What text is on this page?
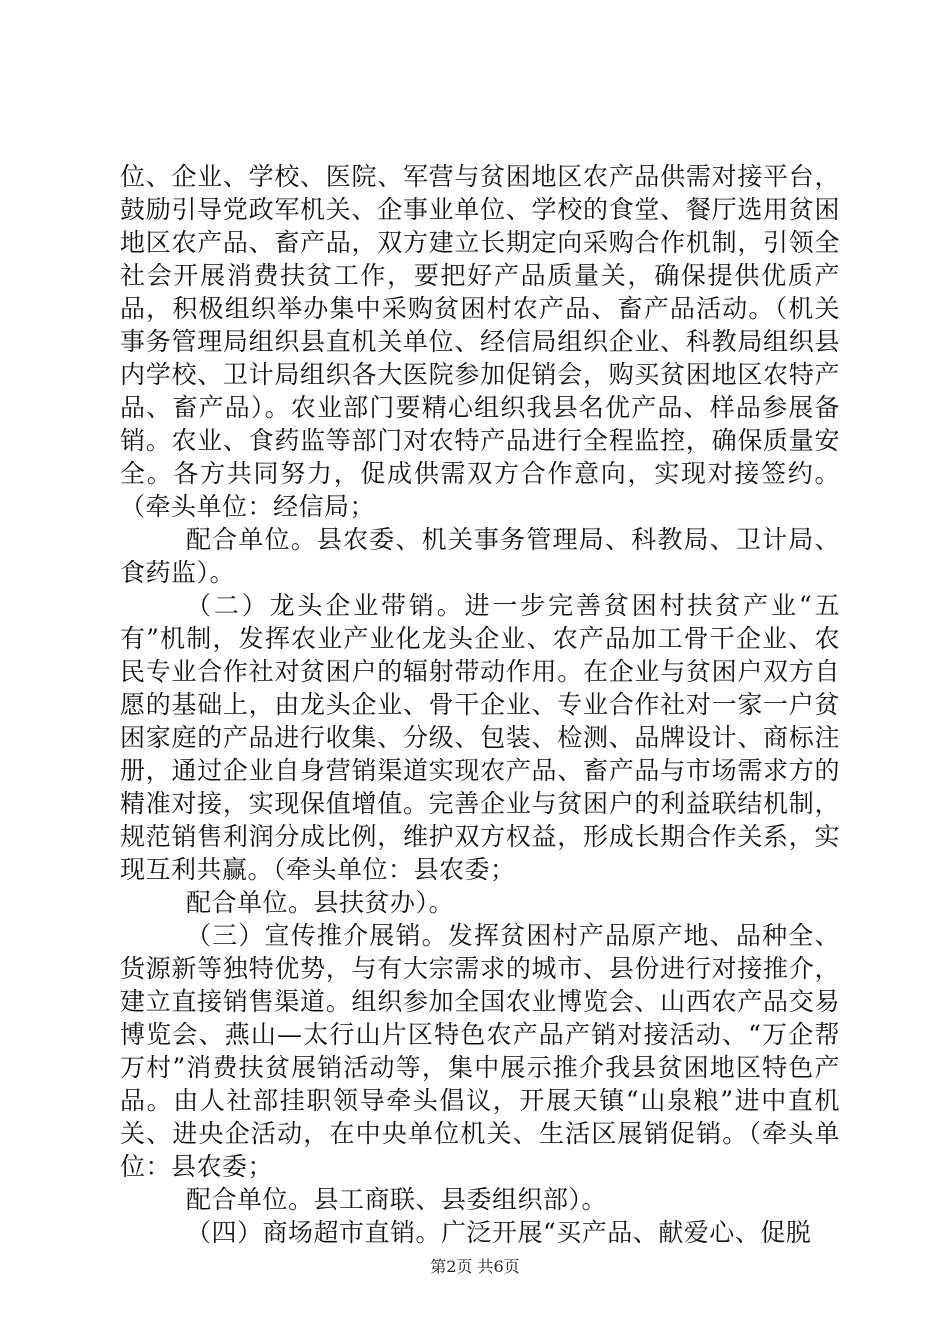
位、企业、学校、医院、军营与贫困地区农产品供需对接平台，鼓励引导党政军机关、企事业单位、学校的食堂、餐厅选用贫困地区农产品、畜产品，双方建立长期定向采购合作机制，引领全社会开展消费扶贫工作，要把好产品质量关，确保提供优质产品，积极组织举办集中采购贫困村农产品、畜产品活动。（机关事务管理局组织县直机关单位、经信局组织企业、科教局组织县内学校、卫计局组织各大医院参加促销会，购买贫困地区农特产品、畜产品）。农业部门要精心组织我县名优产品、样品参展备销。农业、食药监等部门对农特产品进行全程监控，确保质量安全。各方共同努力，促成供需双方合作意向，实现对接签约。（牵头单位：经信局；

配合单位。县农委、机关事务管理局、科教局、卫计局、食药监）。

（二）龙头企业带销。进一步完善贫困村扶贫产业“五有”机制，发挥农业产业化龙头企业、农产品加工骨干企业、农民专业合作社对贫困户的辐射带动作用。在企业与贫困户双方自愿的基础上，由龙头企业、骨干企业、专业合作社对一家一户贫困家庭的产品进行收集、分级、包装、检测、品牌设计、商标注册，通过企业自身营销渠道实现农产品、畜产品与市场需求方的精准对接，实现保值增值。完善企业与贫困户的利益联结机制，规范销售利润分成比例，维护双方权益，形成长期合作关系，实现互利共赢。（牵头单位：县农委；

配合单位。县扶贫办）。

（三）宣传推介展销。发挥贫困村产品原产地、品种全、货源新等独特优势，与有大宗需求的城市、县份进行对接推介，建立直接销售渠道。组织参加全国农业博览会、山西农产品交易博览会、燕山—太行山片区特色农产品产销对接活动、“万企帮万村”消费扶贫展销活动等，集中展示推介我县贫困地区特色产品。由人社部挂职领导牵头倡议，开展天镇“山泉粮”进中直机关、进央企活动，在中央单位机关、生活区展销促销。（牵头单位：县农委；

配合单位。县工商联、县委组织部）。

（四）商场超市直销。广泛开展“买产品、献爱心、促脱

第2页 共6页
